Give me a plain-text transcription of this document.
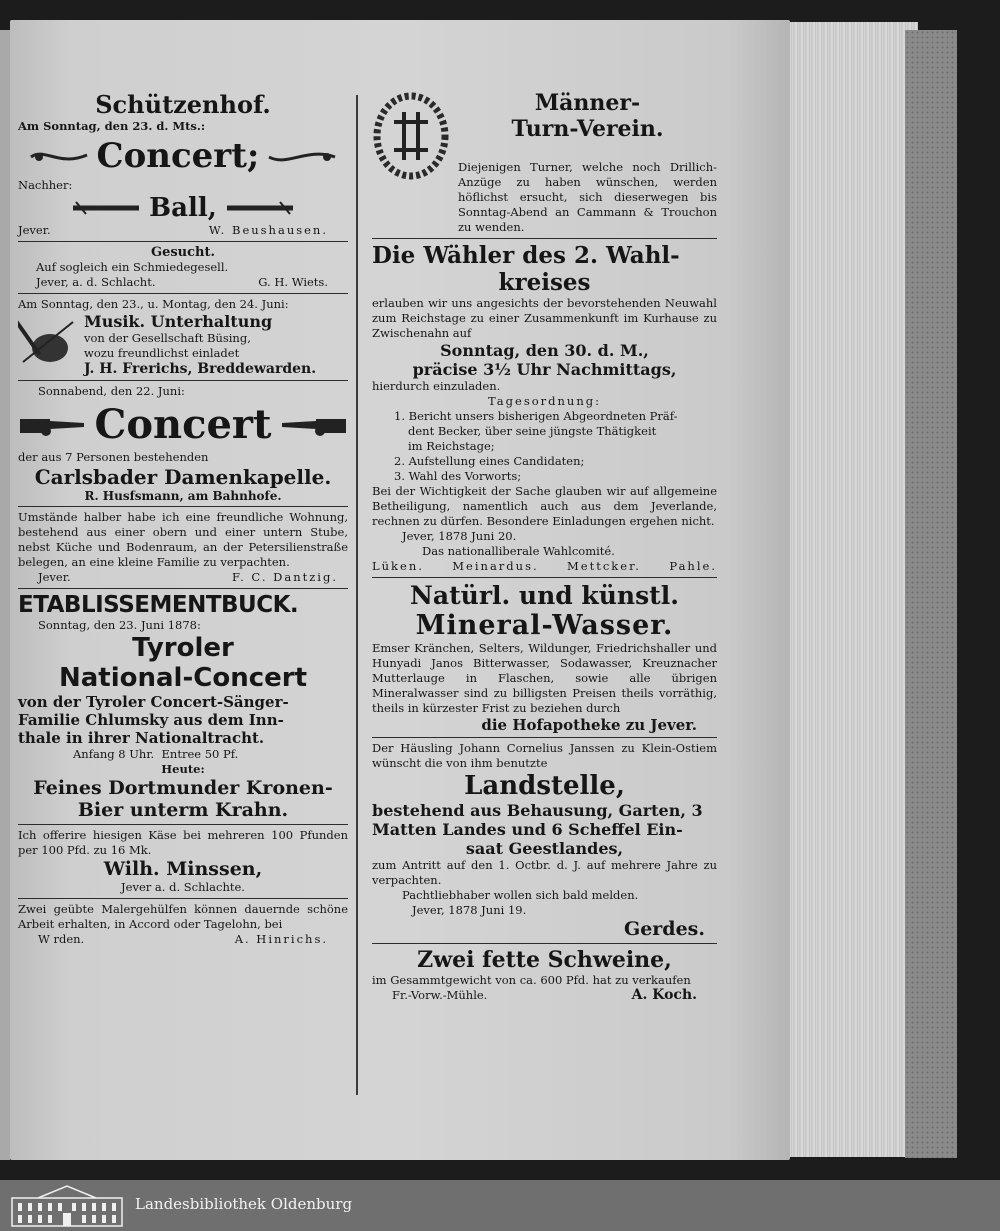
Schützenhof.
Am Sonntag, den 23. d. Mts.:
Concert;
Nachher:
Ball,
Jever.	W. Beushausen.
Gesucht.
Auf sogleich ein Schmiedegesell.
Jever, a. d. Schlacht.	G. H. Wiets.
Am Sonntag, den 23., u. Montag, den 24. Juni:
Musik. Unterhaltung
von der Gesellschaft Büsing,
wozu freundlichst einladet
J. H. Frerichs, Breddewarden.
Sonnabend, den 22. Juni:
Concert
der aus 7 Personen bestehenden
Carlsbader Damenkapelle.
R. Husfsmann, am Bahnhofe.
Umstände halber habe ich eine freundliche Wohnung, bestehend aus einer obern und einer untern Stube, nebst Küche und Bodenraum, an der Petersilienstraße belegen, an eine kleine Familie zu verpachten.
Jever.	F. C. Dantzig.
ETABLISSEMENTBUCK.
Sonntag, den 23. Juni 1878:
Tyroler
National-Concert
von der Tyroler Concert-Sänger-
Familie Chlumsky aus dem Inn-
thale in ihrer Nationaltracht.
Anfang 8 Uhr. Entree 50 Pf.
Heute:
Feines Dortmunder Kronen-
Bier unterm Krahn.
Ich offerire hiesigen Käse bei mehreren 100 Pfunden per 100 Pfd. zu 16 Mk.
Wilh. Minssen,
Jever a. d. Schlachte.
Zwei geübte Malergehülfen können dauernde schöne Arbeit erhalten, in Accord oder Tagelohn, bei
W rden.	A. Hinrichs.
Männer-
Turn-Verein.
Diejenigen Turner, welche noch Drillich-Anzüge zu haben wünschen, werden höflichst ersucht, sich dieserwegen bis Sonntag-Abend an Cammann & Trouchon zu wenden.
Die Wähler des 2. Wahl-
kreises
erlauben wir uns angesichts der bevorstehenden Neuwahl zum Reichstage zu einer Zusammenkunft im Kurhause zu Zwischenahn auf
Sonntag, den 30. d. M.,
präcise 3½ Uhr Nachmittags,
hierdurch einzuladen.
Tagesordnung:
1. Bericht unsers bisherigen Abgeordneten Präf-
dent Becker, über seine jüngste Thätigkeit
im Reichstage;
2. Aufstellung eines Candidaten;
3. Wahl des Vorworts;
Bei der Wichtigkeit der Sache glauben wir auf allgemeine Betheiligung, namentlich auch aus dem Jeverlande, rechnen zu dürfen. Besondere Einladungen ergehen nicht.
Jever, 1878 Juni 20.
Das nationalliberale Wahlcomité.
Lüken. Meinardus. Mettcker. Pahle.
Natürl. und künstl.
Mineral-Wasser.
Emser Kränchen, Selters, Wildunger, Friedrichshaller und Hunyadi Janos Bitterwasser, Sodawasser, Kreuznacher Mutterlauge in Flaschen, sowie alle übrigen Mineralwasser sind zu billigsten Preisen theils vorräthig, theils in kürzester Frist zu beziehen durch
die Hofapotheke zu Jever.
Der Häusling Johann Cornelius Janssen zu Klein-Ostiem wünscht die von ihm benutzte
Landstelle,
bestehend aus Behausung, Garten, 3
Matten Landes und 6 Scheffel Ein-
saat Geestlandes,
zum Antritt auf den 1. Octbr. d. J. auf mehrere Jahre zu verpachten.
Pachtliebhaber wollen sich bald melden.
Jever, 1878 Juni 19.
Gerdes.
Zwei fette Schweine,
im Gesammtgewicht von ca. 600 Pfd. hat zu verkaufen
Fr.-Vorw.-Mühle.	A. Koch.
Landesbibliothek Oldenburg
